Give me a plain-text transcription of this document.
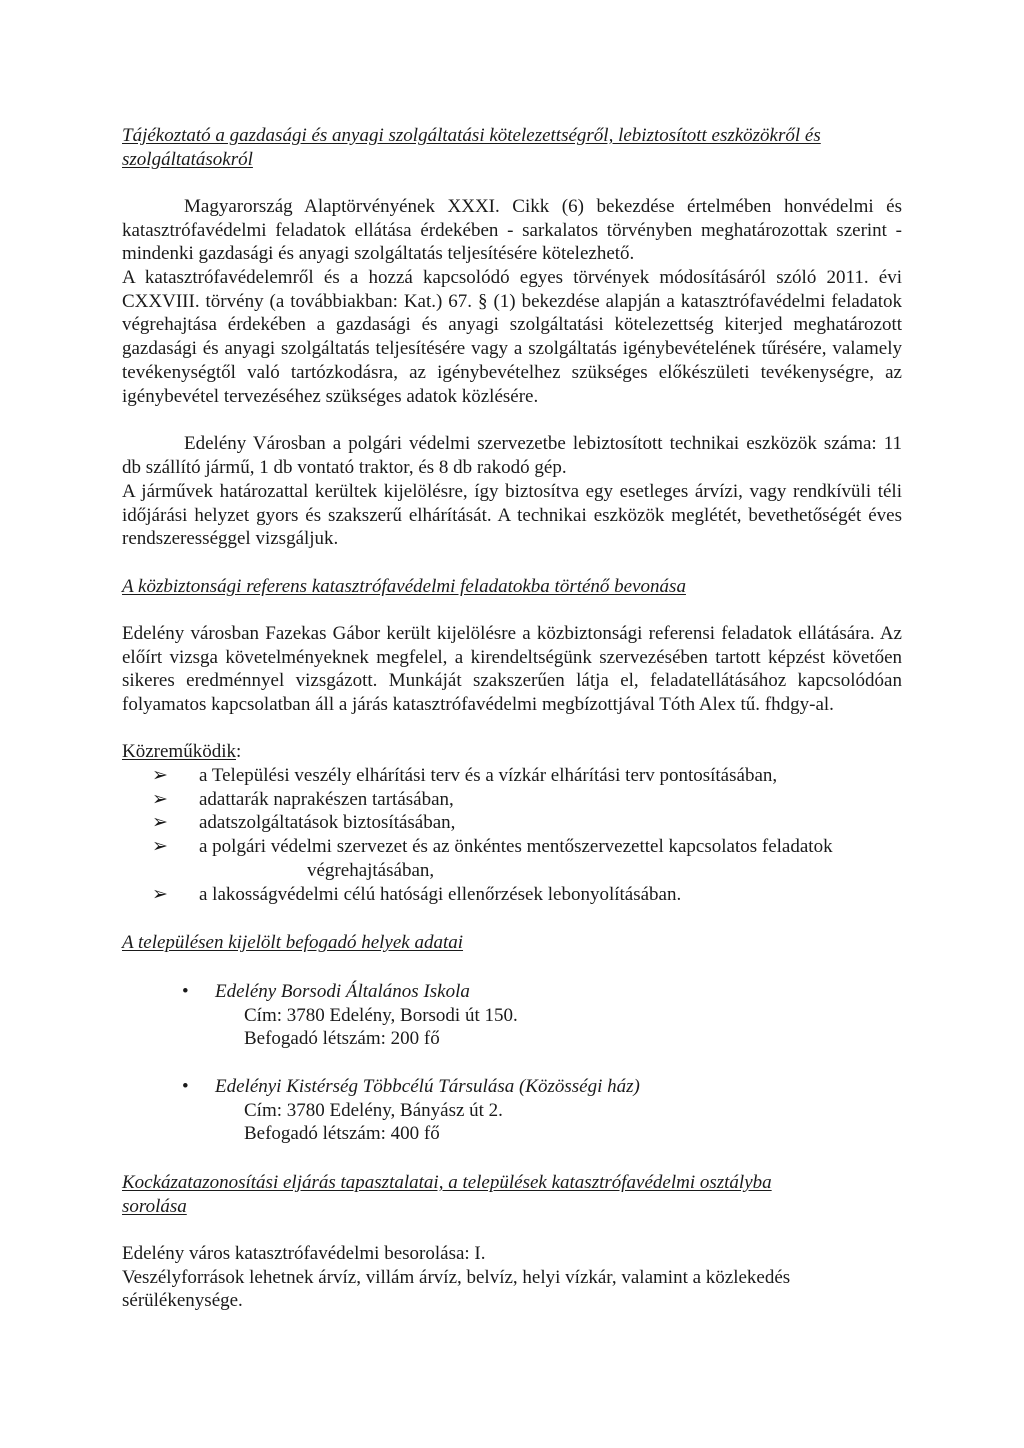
Tájékoztató a gazdasági és anyagi szolgáltatási kötelezettségről, lebiztosított eszközökről és
szolgáltatásokról
Magyarország Alaptörvényének XXXI. Cikk (6) bekezdése értelmében honvédelmi és katasztrófavédelmi feladatok ellátása érdekében - sarkalatos törvényben meghatározottak szerint - mindenki gazdasági és anyagi szolgáltatás teljesítésére kötelezhető.
A katasztrófavédelemről és a hozzá kapcsolódó egyes törvények módosításáról szóló 2011. évi CXXVIII. törvény (a továbbiakban: Kat.) 67. § (1) bekezdése alapján a katasztrófavédelmi feladatok végrehajtása érdekében a gazdasági és anyagi szolgáltatási kötelezettség kiterjed meghatározott gazdasági és anyagi szolgáltatás teljesítésére vagy a szolgáltatás igénybevételének tűrésére, valamely tevékenységtől való tartózkodásra, az igénybevételhez szükséges előkészületi tevékenységre, az igénybevétel tervezéséhez szükséges adatok közlésére.
Edelény Városban a polgári védelmi szervezetbe lebiztosított technikai eszközök száma: 11 db szállító jármű, 1 db vontató traktor, és 8 db rakodó gép.
A járművek határozattal kerültek kijelölésre, így biztosítva egy esetleges árvízi, vagy rendkívüli téli időjárási helyzet gyors és szakszerű elhárítását. A technikai eszközök meglétét, bevethetőségét éves rendszerességgel vizsgáljuk.
A közbiztonsági referens katasztrófavédelmi feladatokba történő bevonása
Edelény városban Fazekas Gábor került kijelölésre a közbiztonsági referensi feladatok ellátására. Az előírt vizsga követelményeknek megfelel, a kirendeltségünk szervezésében tartott képzést követően sikeres eredménnyel vizsgázott. Munkáját szakszerűen látja el, feladatellátásához kapcsolódóan folyamatos kapcsolatban áll a járás katasztrófavédelmi megbízottjával Tóth Alex tű. fhdgy-al.
Közreműködik:
➢ a Települési veszély elhárítási terv és a vízkár elhárítási terv pontosításában,
➢ adattarák naprakészen tartásában,
➢ adatszolgáltatások biztosításában,
➢ a polgári védelmi szervezet és az önkéntes mentőszervezettel kapcsolatos feladatok
végrehajtásában,
➢ a lakosságvédelmi célú hatósági ellenőrzések lebonyolításában.
A településen kijelölt befogadó helyek adatai
•	Edelény Borsodi Általános Iskola
Cím: 3780 Edelény, Borsodi út 150.
Befogadó létszám: 200 fő
•	Edelényi Kistérség Többcélú Társulása (Közösségi ház)
Cím: 3780 Edelény, Bányász út 2.
Befogadó létszám: 400 fő
Kockázatazonosítási eljárás tapasztalatai, a települések katasztrófavédelmi osztályba
sorolása
Edelény város katasztrófavédelmi besorolása: I.
Veszélyforrások lehetnek árvíz, villám árvíz, belvíz, helyi vízkár, valamint a közlekedés sérülékenysége.
